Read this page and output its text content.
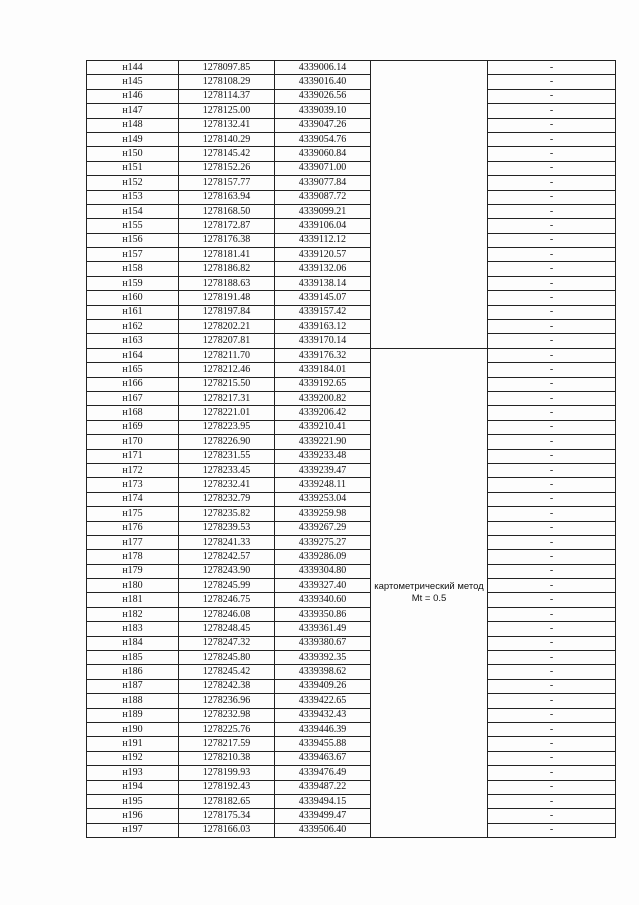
н144	1278097.85	4339006.14		-
н145	1278108.29	4339016.40		-
н146	1278114.37	4339026.56		-
н147	1278125.00	4339039.10		-
н148	1278132.41	4339047.26		-
н149	1278140.29	4339054.76		-
н150	1278145.42	4339060.84		-
н151	1278152.26	4339071.00		-
н152	1278157.77	4339077.84		-
н153	1278163.94	4339087.72		-
н154	1278168.50	4339099.21		-
н155	1278172.87	4339106.04		-
н156	1278176.38	4339112.12		-
н157	1278181.41	4339120.57		-
н158	1278186.82	4339132.06		-
н159	1278188.63	4339138.14		-
н160	1278191.48	4339145.07		-
н161	1278197.84	4339157.42		-
н162	1278202.21	4339163.12		-
н163	1278207.81	4339170.14		-
н164	1278211.70	4339176.32	картометрический метод Mt = 0.5	-
н165	1278212.46	4339184.01		-
н166	1278215.50	4339192.65		-
н167	1278217.31	4339200.82		-
н168	1278221.01	4339206.42		-
н169	1278223.95	4339210.41		-
н170	1278226.90	4339221.90		-
н171	1278231.55	4339233.48		-
н172	1278233.45	4339239.47		-
н173	1278232.41	4339248.11		-
н174	1278232.79	4339253.04		-
н175	1278235.82	4339259.98		-
н176	1278239.53	4339267.29		-
н177	1278241.33	4339275.27		-
н178	1278242.57	4339286.09		-
н179	1278243.90	4339304.80		-
н180	1278245.99	4339327.40		-
н181	1278246.75	4339340.60		-
н182	1278246.08	4339350.86		-
н183	1278248.45	4339361.49		-
н184	1278247.32	4339380.67		-
н185	1278245.80	4339392.35		-
н186	1278245.42	4339398.62		-
н187	1278242.38	4339409.26		-
н188	1278236.96	4339422.65		-
н189	1278232.98	4339432.43		-
н190	1278225.76	4339446.39		-
н191	1278217.59	4339455.88		-
н192	1278210.38	4339463.67		-
н193	1278199.93	4339476.49		-
н194	1278192.43	4339487.22		-
н195	1278182.65	4339494.15		-
н196	1278175.34	4339499.47		-
н197	1278166.03	4339506.40		-
